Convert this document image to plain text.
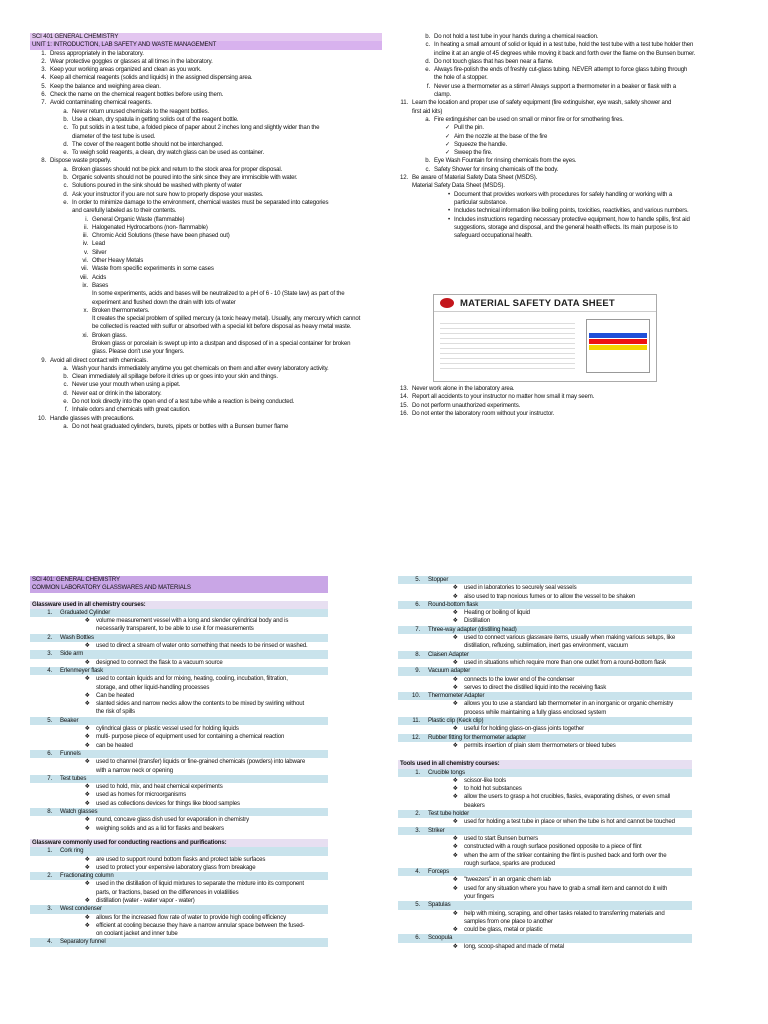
SCI 401 GENERAL CHEMISTRY
UNIT 1: INTRODUCTION, LAB SAFETY AND WASTE MANAGEMENT
1. Dress appropriately in the laboratory.
2. Wear protective goggles or glasses at all times in the laboratory.
3. Keep your working areas organized and clean as you work.
4. Keep all chemical reagents (solids and liquids) in the assigned dispensing area.
5. Keep the balance and weighing area clean.
6. Check the name on the chemical reagent bottles before using them.
7. Avoid contaminating chemical reagents.
a. Never return unused chemicals to the reagent bottles.
b. Use a clean, dry spatula in getting solids out of the reagent bottle.
c. To put solids in a test tube, a folded piece of paper about 2 inches long and slightly wider than the
diameter of the test tube is used.
d. The cover of the reagent bottle should not be interchanged.
e. To weigh solid reagents, a clean, dry watch glass can be used as container.
8. Dispose waste properly.
a. Broken glasses should not be pick and return to the stock area for proper disposal.
b. Organic solvents should not be poured into the sink since they are immiscible with water.
c. Solutions poured in the sink should be washed with plenty of water
d. Ask your instructor if you are not sure how to properly dispose your wastes.
e. In order to minimize damage to the environment, chemical wastes must be separated into categories
and carefully labeled as to their contents.
i. General Organic Waste (flammable)
ii. Halogenated Hydrocarbons (non- flammable)
iii. Chromic Acid Solutions (these have been phased out)
iv. Lead
v. Silver
vi. Other Heavy Metals
vii. Waste from specific experiments in some cases
viii. Acids
ix. Bases
In some experiments, acids and bases will be neutralized to a pH of 6 - 10 (State law) as part of the
experiment and flushed down the drain with lots of water
x. Broken thermometers.
It creates the special problem of spilled mercury (a toxic heavy metal). Usually, any mercury which cannot
be collected is reacted with sulfur or absorbed with a special kit before disposal as heavy metal waste.
xi. Broken glass.
Broken glass or porcelain is swept up into a dustpan and disposed of in a special container for broken
glass. Please don't use your fingers.
9. Avoid all direct contact with chemicals.
a. Wash your hands immediately anytime you get chemicals on them and after every laboratory activity.
b. Clean immediately all spillage before it dries up or goes into your skin and things.
c. Never use your mouth when using a pipet.
d. Never eat or drink in the laboratory.
e. Do not look directly into the open end of a test tube while a reaction is being conducted.
f. Inhale odors and chemicals with great caution.
10. Handle glasses with precautions.
a. Do not heat graduated cylinders, burets, pipets or bottles with a Bunsen burner flame
b. Do not hold a test tube in your hands during a chemical reaction.
c. In heating a small amount of solid or liquid in a test tube, hold the test tube with a test tube holder then
incline it at an angle of 45 degrees while moving it back and forth over the flame on the Bunsen burner.
d. Do not touch glass that has been near a flame.
e. Always fire-polish the ends of freshly cut-glass tubing. NEVER attempt to force glass tubing through
the hole of a stopper.
f. Never use a thermometer as a stirrer! Always support a thermometer in a beaker or flask with a
clamp.
11. Learn the location and proper use of safety equipment (fire extinguisher, eye wash, safety shower and
first aid kits)
a. Fire extinguisher can be used on small or minor fire or for smothering fires.
✓ Pull the pin.
✓ Aim the nozzle at the base of the fire
✓ Squeeze the handle.
✓ Sweep the fire.
b. Eye Wash Fountain for rinsing chemicals from the eyes.
c. Safety Shower for rinsing chemicals off the body.
12. Be aware of Material Safety Data Sheet (MSDS).
Material Safety Data Sheet (MSDS).
• Document that provides workers with procedures for safely handling or working with a
particular substance.
• Includes technical information like boiling points, toxicities, reactivities, and various numbers.
• Includes instructions regarding necessary protective equipment, how to handle spills, first aid
suggestions, storage and disposal, and the general health effects. Its main purpose is to
safeguard occupational health.
MATERIAL SAFETY DATA SHEET
13. Never work alone in the laboratory area.
14. Report all accidents to your instructor no matter how small it may seem.
15. Do not perform unauthorized experiments.
16. Do not enter the laboratory room without your instructor.
SCI 401: GENERAL CHEMISTRY
COMMON LABORATORY GLASSWARES AND MATERIALS
Glassware used in all chemistry courses:
1.	Graduated Cylinder
❖ volume measurement vessel with a long and slender cylindrical body and is
necessarily transparent, to be able to use it for measurements
2.	Wash Bottles
❖ used to direct a stream of water onto something that needs to be rinsed or washed.
3.	Side arm
❖ designed to connect the flask to a vacuum source
4.	Erlenmeyer flask
❖ used to contain liquids and for mixing, heating, cooling, incubation, filtration,
storage, and other liquid-handling processes
❖ Can be heated
❖ slanted sides and narrow necks allow the contents to be mixed by swirling without
the risk of spills
5.	Beaker
❖ cylindrical glass or plastic vessel used for holding liquids
❖ multi- purpose piece of equipment used for containing a chemical reaction
❖ can be heated
6.	Funnels
❖ used to channel (transfer) liquids or fine-grained chemicals (powders) into labware
with a narrow neck or opening
7.	Test tubes
❖ used to hold, mix, and heat chemical experiments
❖ used as homes for microorganisms
❖ used as collections devices for things like blood samples
8.	Watch glasses
❖ round, concave glass dish used for evaporation in chemistry
❖ weighing solids and as a lid for flasks and beakers
Glassware commonly used for conducting reactions and purifications:
1.	Cork ring
❖ are used to support round bottom flasks and protect table surfaces
❖ used to protect your expensive laboratory glass from breakage
2.	Fractionating column
❖ used in the distillation of liquid mixtures to separate the mixture into its component
parts, or fractions, based on the differences in volatilities
❖ distillation (water - water vapor - water)
3.	West condenser
❖ allows for the increased flow rate of water to provide high cooling efficiency
❖ efficient at cooling because they have a narrow annular space between the fused-
on coolant jacket and inner tube
4.	Separatory funnel
5.	Stopper
❖ used in laboratories to securely seal vessels
❖ also used to trap noxious fumes or to allow the vessel to be shaken
6.	Round-bottom flask
❖ Heating or boiling of liquid
❖ Distillation
7.	Three-way adapter (distilling head)
❖ used to connect various glassware items, usually when making various setups, like
distillation, refluxing, sublimation, inert gas environment, vacuum
8.	Claisen Adapter
❖ used in situations which require more than one outlet from a round-bottom flask
9.	Vacuum adapter
❖ connects to the lower end of the condenser
❖ serves to direct the distilled liquid into the receiving flask
10.	Thermometer Adapter
❖ allows you to use a standard lab thermometer in an inorganic or organic chemistry
process while maintaining a fully glass enclosed system
11.	Plastic clip (Keck clip)
❖ useful for holding glass-on-glass joints together
12.	Rubber fitting for thermometer adapter
❖ permits insertion of plain stem thermometers or bleed tubes
Tools used in all chemistry courses:
1.	Crucible tongs
❖ scissor-like tools
❖ to hold hot substances
❖ allow the users to grasp a hot crucibles, flasks, evaporating dishes, or even small
beakers
2.	Test tube holder
❖ used for holding a test tube in place or when the tube is hot and cannot be touched
3.	Striker
❖ used to start Bunsen burners
❖ constructed with a rough surface positioned opposite to a piece of flint
❖ when the arm of the striker containing the flint is pushed back and forth over the
rough surface, sparks are produced
4.	Forceps
❖ "tweezers" in an organic chem lab
❖ used for any situation where you have to grab a small item and cannot do it with
your fingers
5.	Spatulas
❖ help with mixing, scraping, and other tasks related to transferring materials and
samples from one place to another
❖ could be glass, metal or plastic
6.	Scoopula
❖ long, scoop-shaped and made of metal
